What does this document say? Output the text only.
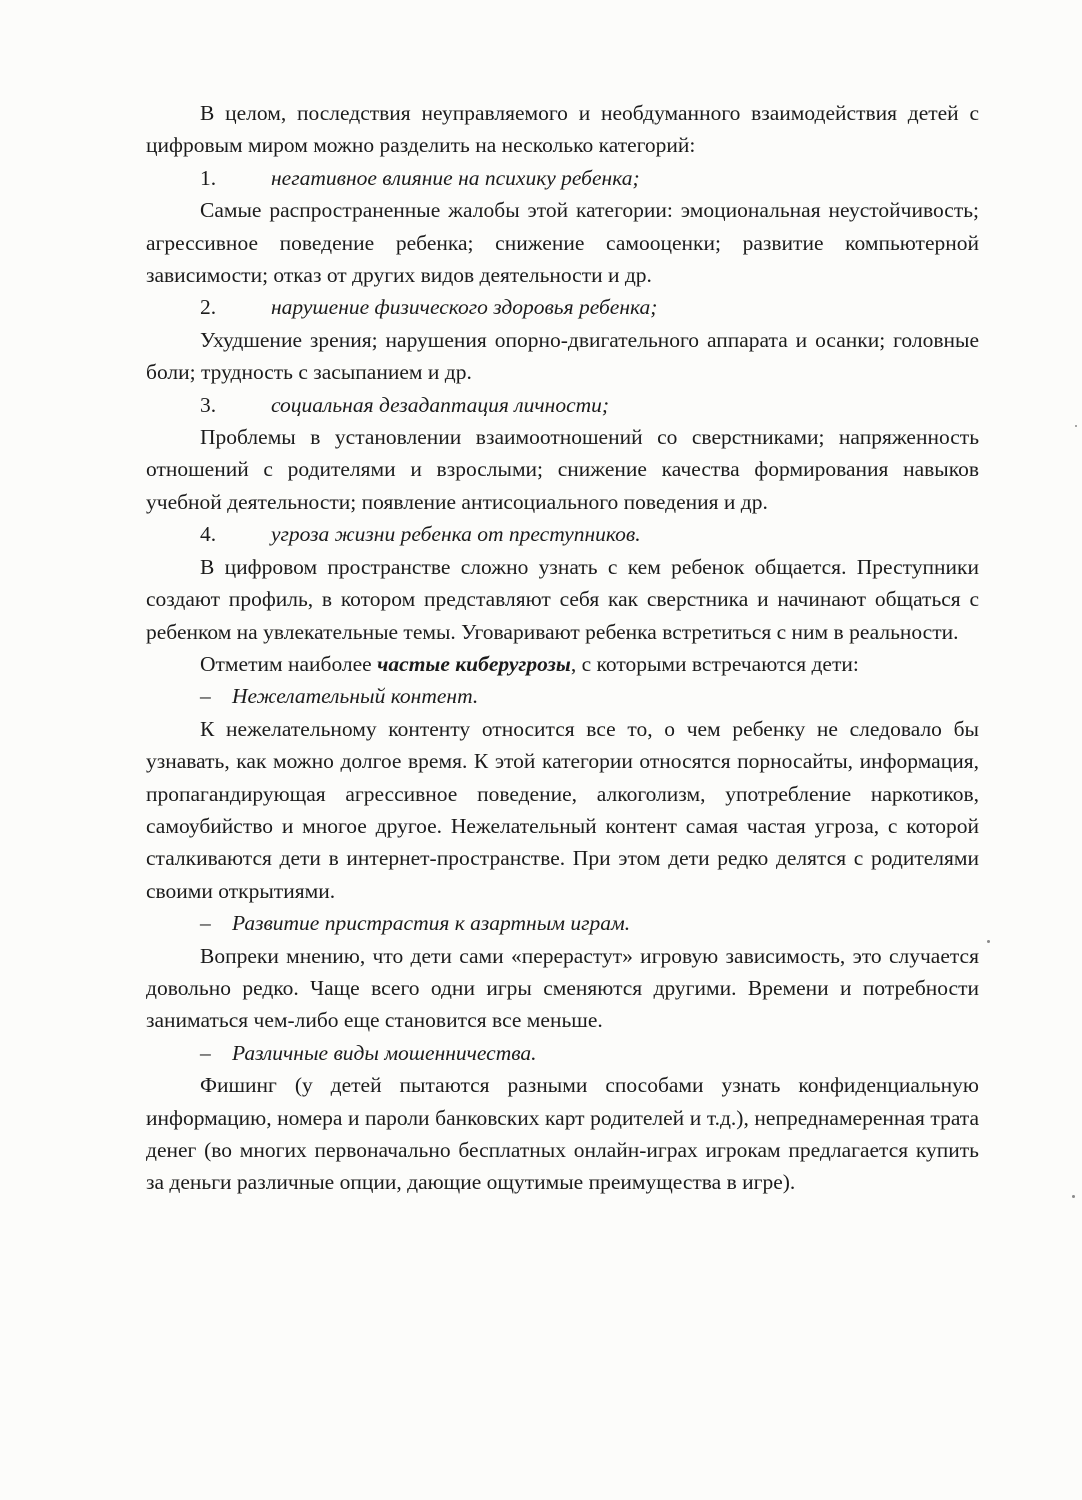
В целом, последствия неуправляемого и необдуманного взаимодействия детей с цифровым миром можно разделить на несколько категорий:

1.	негативное влияние на психику ребенка;

Самые распространенные жалобы этой категории: эмоциональная неустойчивость; агрессивное поведение ребенка; снижение самооценки; развитие компьютерной зависимости; отказ от других видов деятельности и др.

2.	нарушение физического здоровья ребенка;

Ухудшение зрения; нарушения опорно-двигательного аппарата и осанки; головные боли; трудность с засыпанием и др.

3.	социальная дезадаптация личности;

Проблемы в установлении взаимоотношений со сверстниками; напряженность отношений с родителями и взрослыми; снижение качества формирования навыков учебной деятельности; появление антисоциального поведения и др.

4.	угроза жизни ребенка от преступников.

В цифровом пространстве сложно узнать с кем ребенок общается. Преступники создают профиль, в котором представляют себя как сверстника и начинают общаться с ребенком на увлекательные темы. Уговаривают ребенка встретиться с ним в реальности.

Отметим наиболее частые киберугрозы, с которыми встречаются дети:

– Нежелательный контент.

К нежелательному контенту относится все то, о чем ребенку не следовало бы узнавать, как можно долгое время. К этой категории относятся порносайты, информация, пропагандирующая агрессивное поведение, алкоголизм, употребление наркотиков, самоубийство и многое другое. Нежелательный контент самая частая угроза, с которой сталкиваются дети в интернет-пространстве. При этом дети редко делятся с родителями своими открытиями.

– Развитие пристрастия к азартным играм.

Вопреки мнению, что дети сами «перерастут» игровую зависимость, это случается довольно редко. Чаще всего одни игры сменяются другими. Времени и потребности заниматься чем-либо еще становится все меньше.

– Различные виды мошенничества.

Фишинг (у детей пытаются разными способами узнать конфиденциальную информацию, номера и пароли банковских карт родителей и т.д.), непреднамеренная трата денег (во многих первоначально бесплатных онлайн-играх игрокам предлагается купить за деньги различные опции, дающие ощутимые преимущества в игре).
